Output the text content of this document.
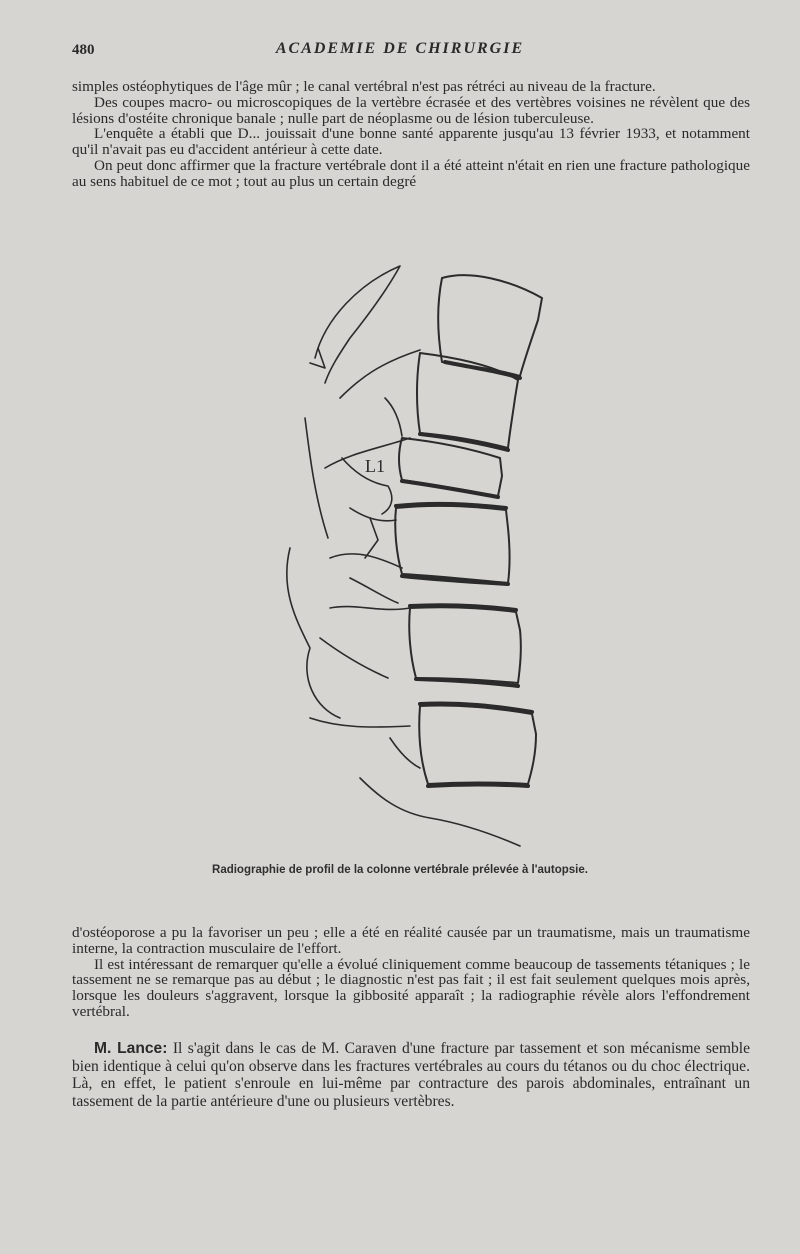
480	ACADEMIE DE CHIRURGIE

simples ostéophytiques de l'âge mûr ; le canal vertébral n'est pas rétréci au niveau de la fracture.

Des coupes macro- ou microscopiques de la vertèbre écrasée et des vertèbres voisines ne révèlent que des lésions d'ostéite chronique banale ; nulle part de néoplasme ou de lésion tuberculeuse.

L'enquête a établi que D... jouissait d'une bonne santé apparente jusqu'au 13 février 1933, et notamment qu'il n'avait pas eu d'accident antérieur à cette date.

On peut donc affirmer que la fracture vertébrale dont il a été atteint n'était en rien une fracture pathologique au sens habituel de ce mot ; tout au plus un certain degré

L1
Radiographie de profil de la colonne vertébrale prélevée à l'autopsie.

d'ostéoporose a pu la favoriser un peu ; elle a été en réalité causée par un traumatisme, mais un traumatisme interne, la contraction musculaire de l'effort.

Il est intéressant de remarquer qu'elle a évolué cliniquement comme beaucoup de tassements tétaniques ; le tassement ne se remarque pas au début ; le diagnostic n'est pas fait ; il est fait seulement quelques mois après, lorsque les douleurs s'aggravent, lorsque la gibbosité apparaît ; la radiographie révèle alors l'effondrement vertébral.

M. Lance: Il s'agit dans le cas de M. Caraven d'une fracture par tassement et son mécanisme semble bien identique à celui qu'on observe dans les fractures vertébrales au cours du tétanos ou du choc électrique. Là, en effet, le patient s'enroule en lui-même par contracture des parois abdominales, entraînant un tassement de la partie antérieure d'une ou plusieurs vertèbres.
